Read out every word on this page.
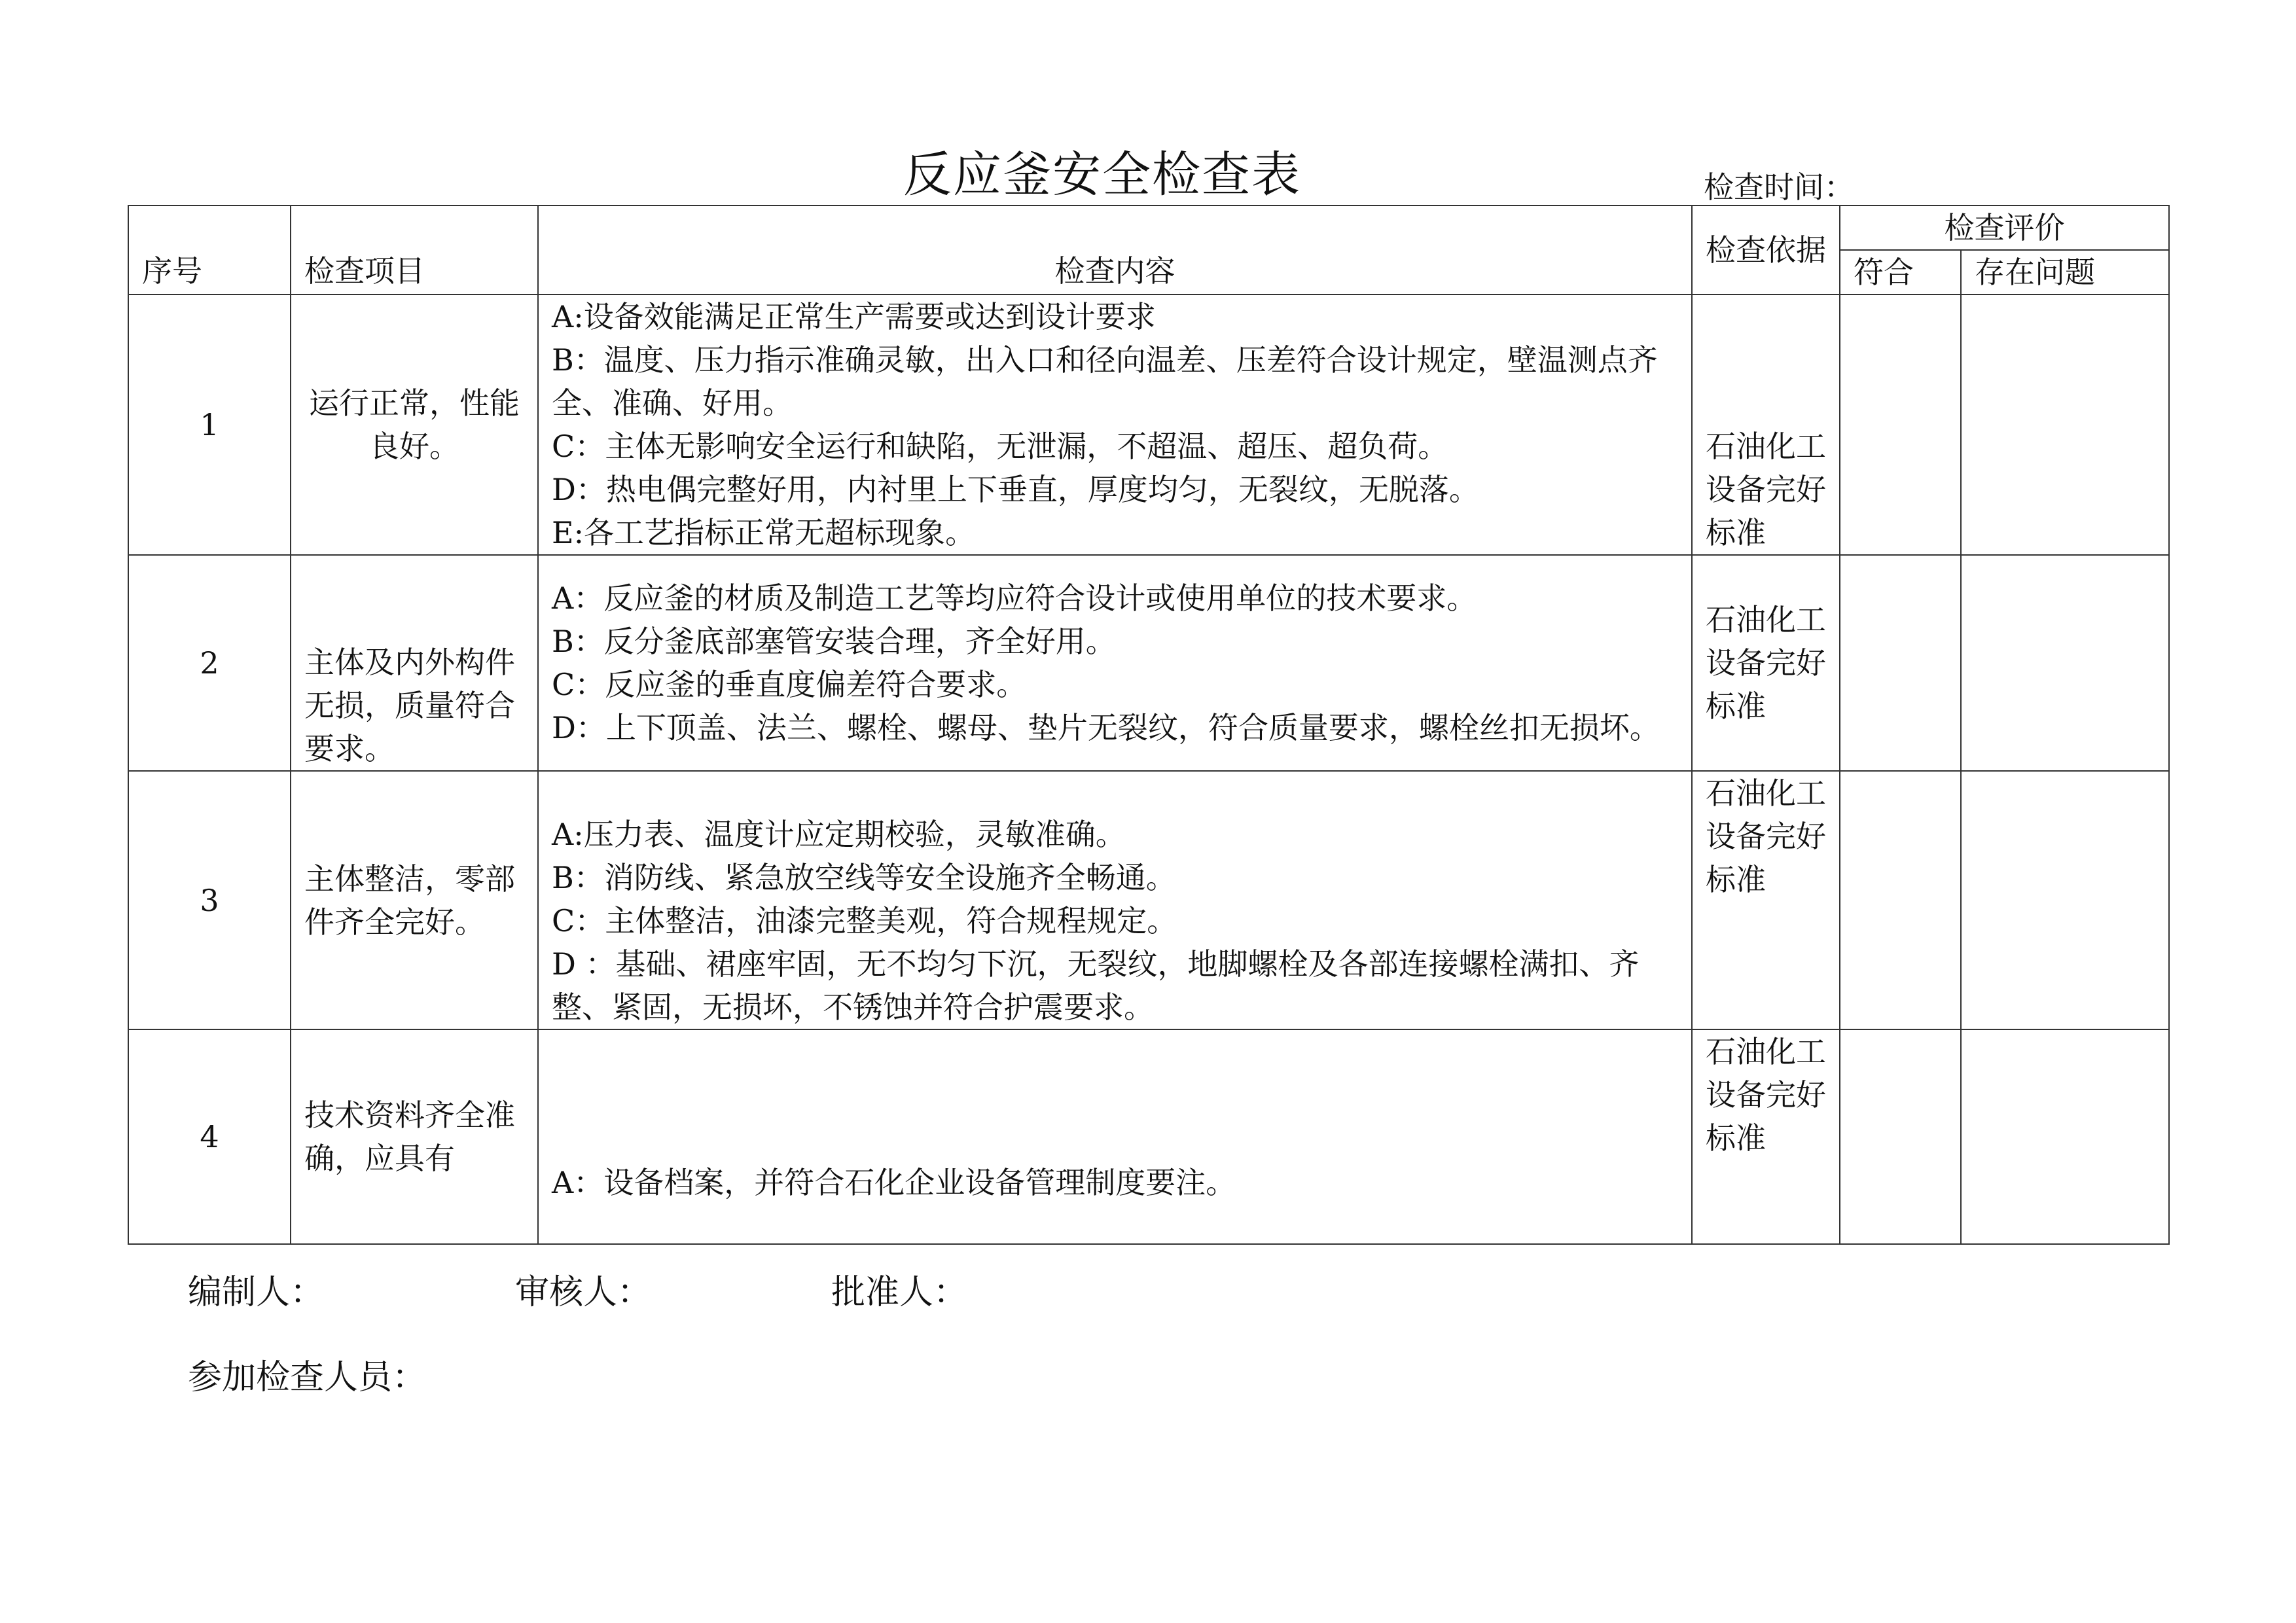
反应釜安全检查表	检查时间：
序号	检查项目	检查内容	检查依据	检查评价	
				符合	存在问题
1	运行正常，性能良好。	A:设备效能满足正常生产需要或达到设计要求
B：温度、压力指示准确灵敏，出入口和径向温差、压差符合设计规定，壁温测点齐全、准确、好用。
C：主体无影响安全运行和缺陷，无泄漏，不超温、超压、超负荷。
D：热电偶完整好用，内衬里上下垂直，厚度均匀，无裂纹，无脱落。
E:各工艺指标正常无超标现象。	石油化工设备完好标准		
2	主体及内外构件无损，质量符合要求。	A：反应釜的材质及制造工艺等均应符合设计或使用单位的技术要求。
B：反分釜底部塞管安装合理，齐全好用。
C：反应釜的垂直度偏差符合要求。
D：上下顶盖、法兰、螺栓、螺母、垫片无裂纹，符合质量要求，螺栓丝扣无损坏。	石油化工设备完好标准		
3	主体整洁，零部件齐全完好。	A:压力表、温度计应定期校验，灵敏准确。
B：消防线、紧急放空线等安全设施齐全畅通。
C：主体整洁，油漆完整美观，符合规程规定。
D ：基础、裙座牢固，无不均匀下沉，无裂纹，地脚螺栓及各部连接螺栓满扣、齐整、紧固，无损坏，不锈蚀并符合护震要求。	石油化工设备完好标准		
4	技术资料齐全准确，应具有	A：设备档案，并符合石化企业设备管理制度要注。	石油化工设备完好标准		
编制人：	审核人：	批准人：
参加检查人员：
